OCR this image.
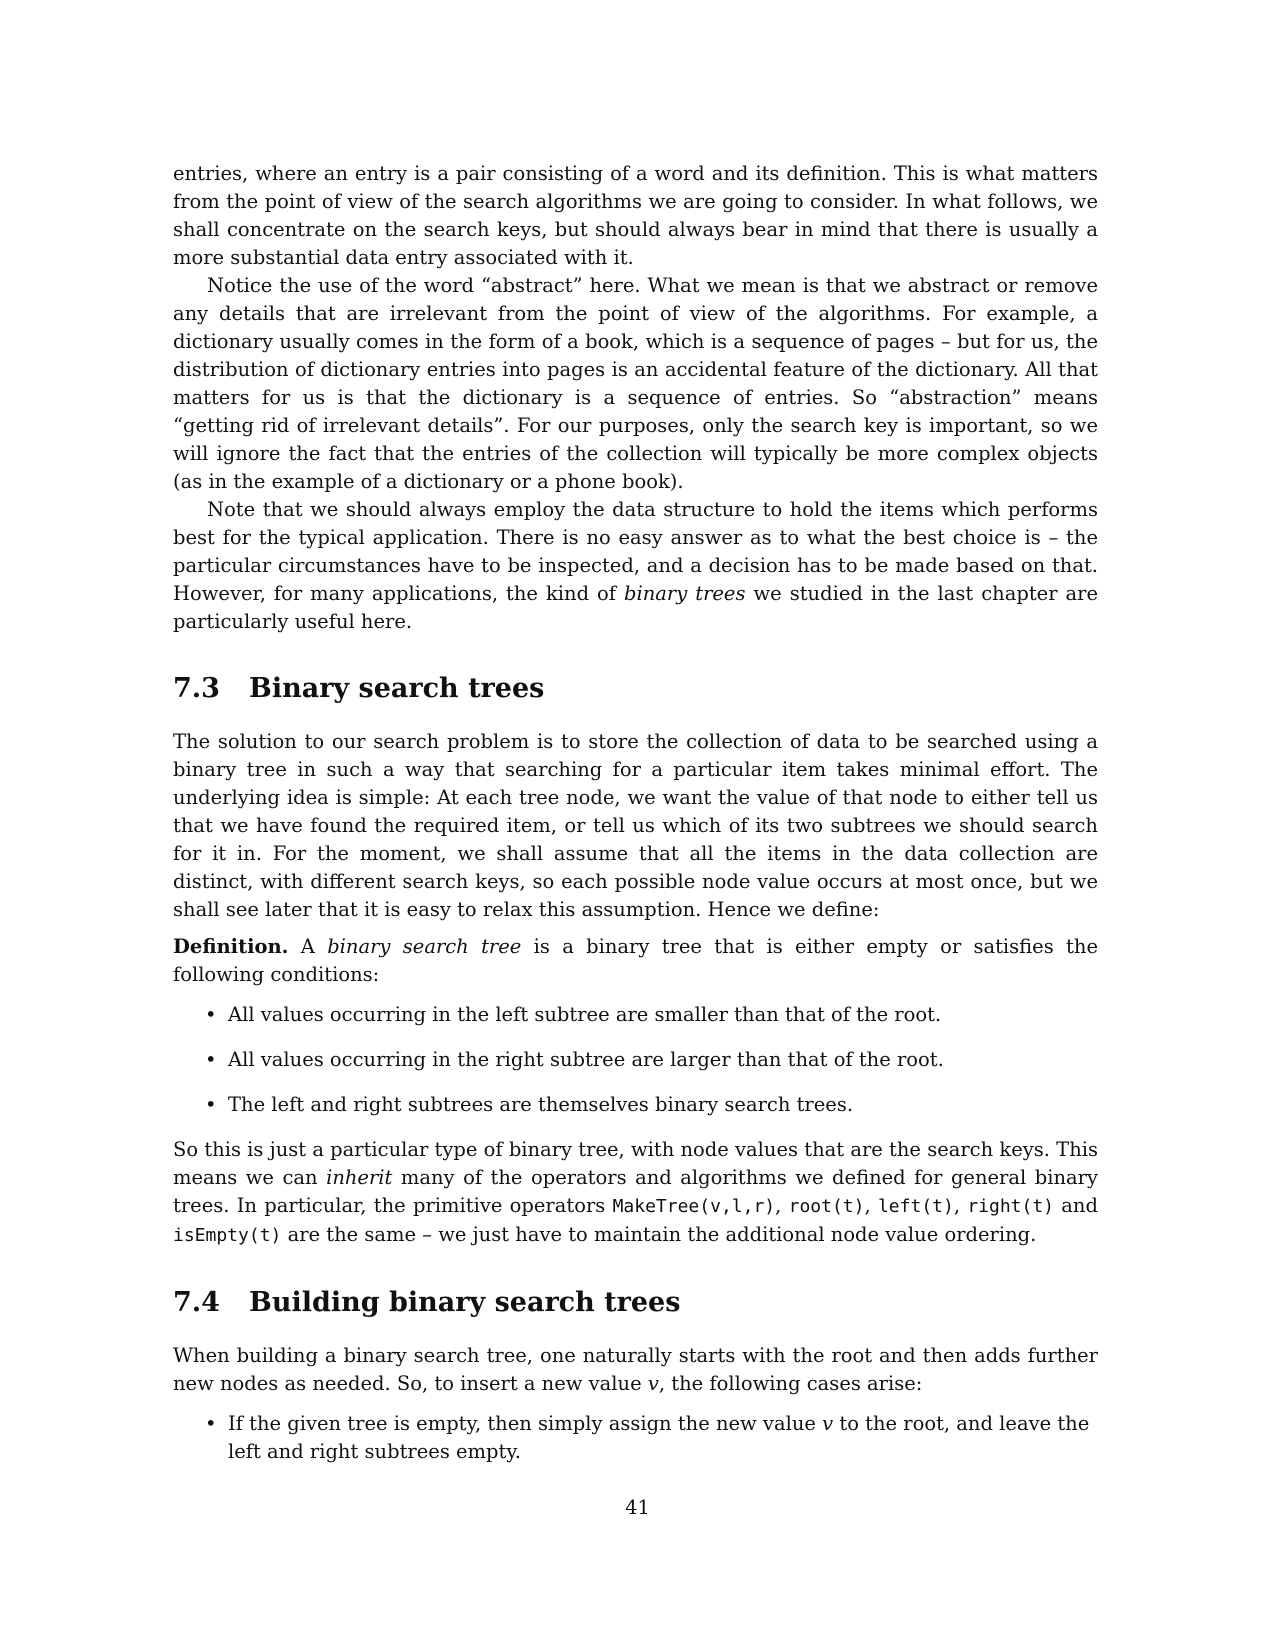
entries, where an entry is a pair consisting of a word and its definition. This is what matters from the point of view of the search algorithms we are going to consider. In what follows, we shall concentrate on the search keys, but should always bear in mind that there is usually a more substantial data entry associated with it.

Notice the use of the word “abstract” here. What we mean is that we abstract or remove any details that are irrelevant from the point of view of the algorithms. For example, a dictionary usually comes in the form of a book, which is a sequence of pages – but for us, the distribution of dictionary entries into pages is an accidental feature of the dictionary. All that matters for us is that the dictionary is a sequence of entries. So “abstraction” means “getting rid of irrelevant details”. For our purposes, only the search key is important, so we will ignore the fact that the entries of the collection will typically be more complex objects (as in the example of a dictionary or a phone book).

Note that we should always employ the data structure to hold the items which performs best for the typical application. There is no easy answer as to what the best choice is – the particular circumstances have to be inspected, and a decision has to be made based on that. However, for many applications, the kind of binary trees we studied in the last chapter are particularly useful here.

7.3 Binary search trees

The solution to our search problem is to store the collection of data to be searched using a binary tree in such a way that searching for a particular item takes minimal effort. The underlying idea is simple: At each tree node, we want the value of that node to either tell us that we have found the required item, or tell us which of its two subtrees we should search for it in. For the moment, we shall assume that all the items in the data collection are distinct, with different search keys, so each possible node value occurs at most once, but we shall see later that it is easy to relax this assumption. Hence we define:

Definition. A binary search tree is a binary tree that is either empty or satisfies the following conditions:

• All values occurring in the left subtree are smaller than that of the root.
• All values occurring in the right subtree are larger than that of the root.
• The left and right subtrees are themselves binary search trees.

So this is just a particular type of binary tree, with node values that are the search keys. This means we can inherit many of the operators and algorithms we defined for general binary trees. In particular, the primitive operators MakeTree(v,l,r), root(t), left(t), right(t) and isEmpty(t) are the same – we just have to maintain the additional node value ordering.

7.4 Building binary search trees

When building a binary search tree, one naturally starts with the root and then adds further new nodes as needed. So, to insert a new value v, the following cases arise:

• If the given tree is empty, then simply assign the new value v to the root, and leave the left and right subtrees empty.
41
